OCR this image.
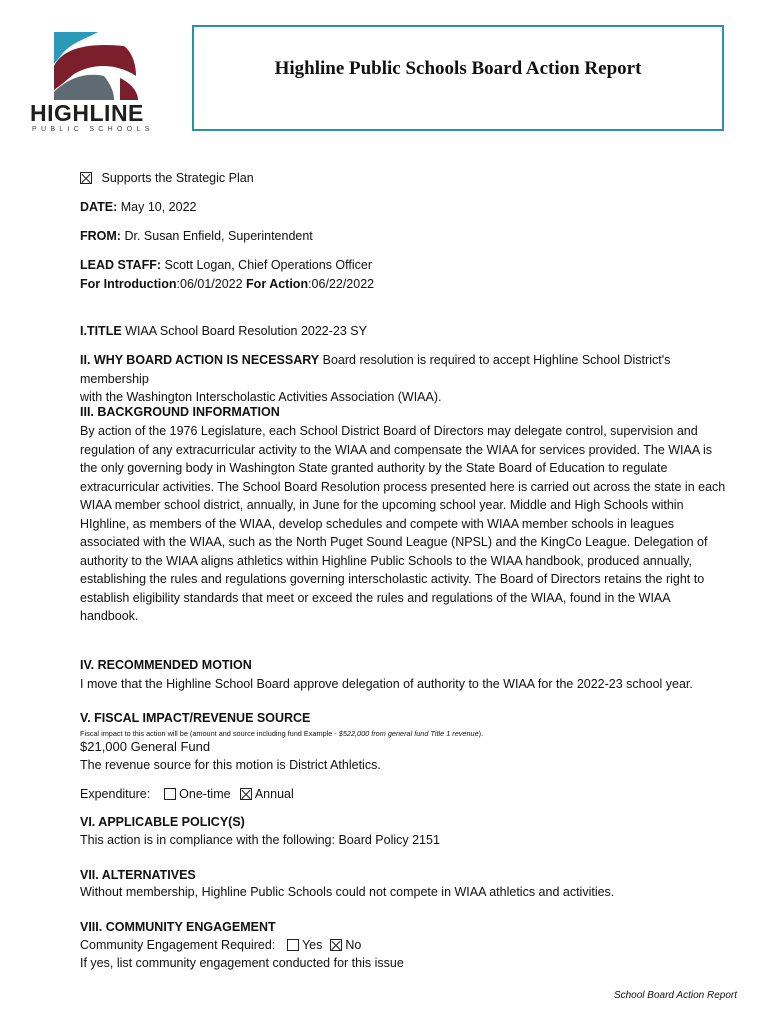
HIGHLINE
PUBLIC SCHOOLS
Highline Public Schools Board Action Report
Supports the Strategic Plan
DATE: May 10, 2022
FROM: Dr. Susan Enfield, Superintendent
LEAD STAFF: Scott Logan, Chief Operations Officer
For Introduction:06/01/2022 For Action:06/22/2022
I.TITLE WIAA School Board Resolution 2022-23 SY
II. WHY BOARD ACTION IS NECESSARY Board resolution is required to accept Highline School District's membership
with the Washington Interscholastic Activities Association (WIAA).
III. BACKGROUND INFORMATION
By action of the 1976 Legislature, each School District Board of Directors may delegate control, supervision and
regulation of any extracurricular activity to the WIAA and compensate the WIAA for services provided. The WIAA is
the only governing body in Washington State granted authority by the State Board of Education to regulate
extracurricular activities. The School Board Resolution process presented here is carried out across the state in each
WIAA member school district, annually, in June for the upcoming school year. Middle and High Schools within
HIghline, as members of the WIAA, develop schedules and compete with WIAA member schools in leagues
associated with the WIAA, such as the North Puget Sound League (NPSL) and the KingCo League. Delegation of
authority to the WIAA aligns athletics within Highline Public Schools to the WIAA handbook, produced annually,
establishing the rules and regulations governing interscholastic activity. The Board of Directors retains the right to
establish eligibility standards that meet or exceed the rules and regulations of the WIAA, found in the WIAA
handbook.
IV. RECOMMENDED MOTION
I move that the Highline School Board approve delegation of authority to the WIAA for the 2022-23 school year.
V. FISCAL IMPACT/REVENUE SOURCE
Fiscal impact to this action will be (amount and source including fund Example - $522,000 from general fund Title 1 revenue).
$21,000 General Fund
The revenue source for this motion is District Athletics.
Expenditure: One-time Annual
VI. APPLICABLE POLICY(S)
This action is in compliance with the following: Board Policy 2151
VII. ALTERNATIVES
Without membership, Highline Public Schools could not compete in WIAA athletics and activities.
VIII. COMMUNITY ENGAGEMENT
Community Engagement Required: Yes No
If yes, list community engagement conducted for this issue
School Board Action Report
